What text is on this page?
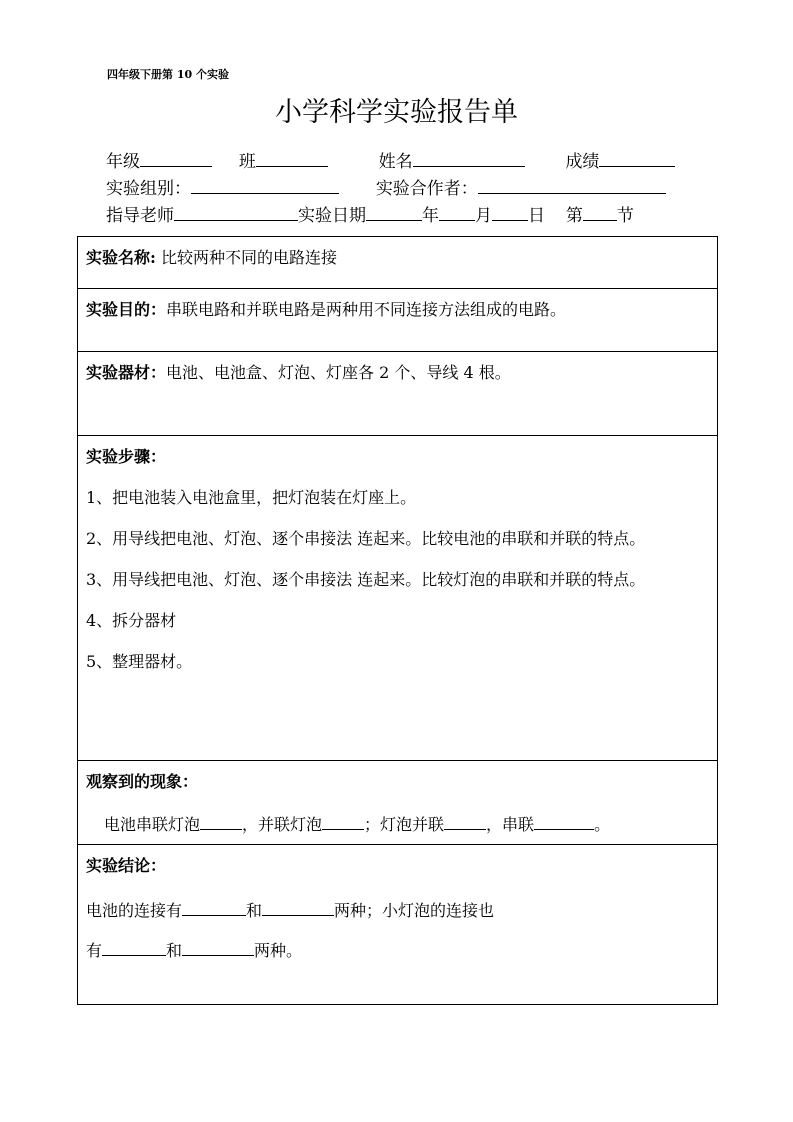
四年级下册第 10 个实验
小学科学实验报告单
年级	班	姓名	成绩
实验组别：	实验合作者：
指导老师	实验日期	年 月 日 第 节
实验名称: 比较两种不同的电路连接

实验目的：串联电路和并联电路是两种用不同连接方法组成的电路。

实验器材：电池、电池盒、灯泡、灯座各 2 个、导线 4 根。

实验步骤：
1、把电池装入电池盒里，把灯泡装在灯座上。
2、用导线把电池、灯泡、逐个串接法 连起来。比较电池的串联和并联的特点。
3、用导线把电池、灯泡、逐个串接法 连起来。比较灯泡的串联和并联的特点。
4、拆分器材
5、整理器材。

观察到的现象：
电池串联灯泡	，并联灯泡	；灯泡并联	，串联	。

实验结论：
电池的连接有	和	两种；小灯泡的连接也
有	和	两种。
